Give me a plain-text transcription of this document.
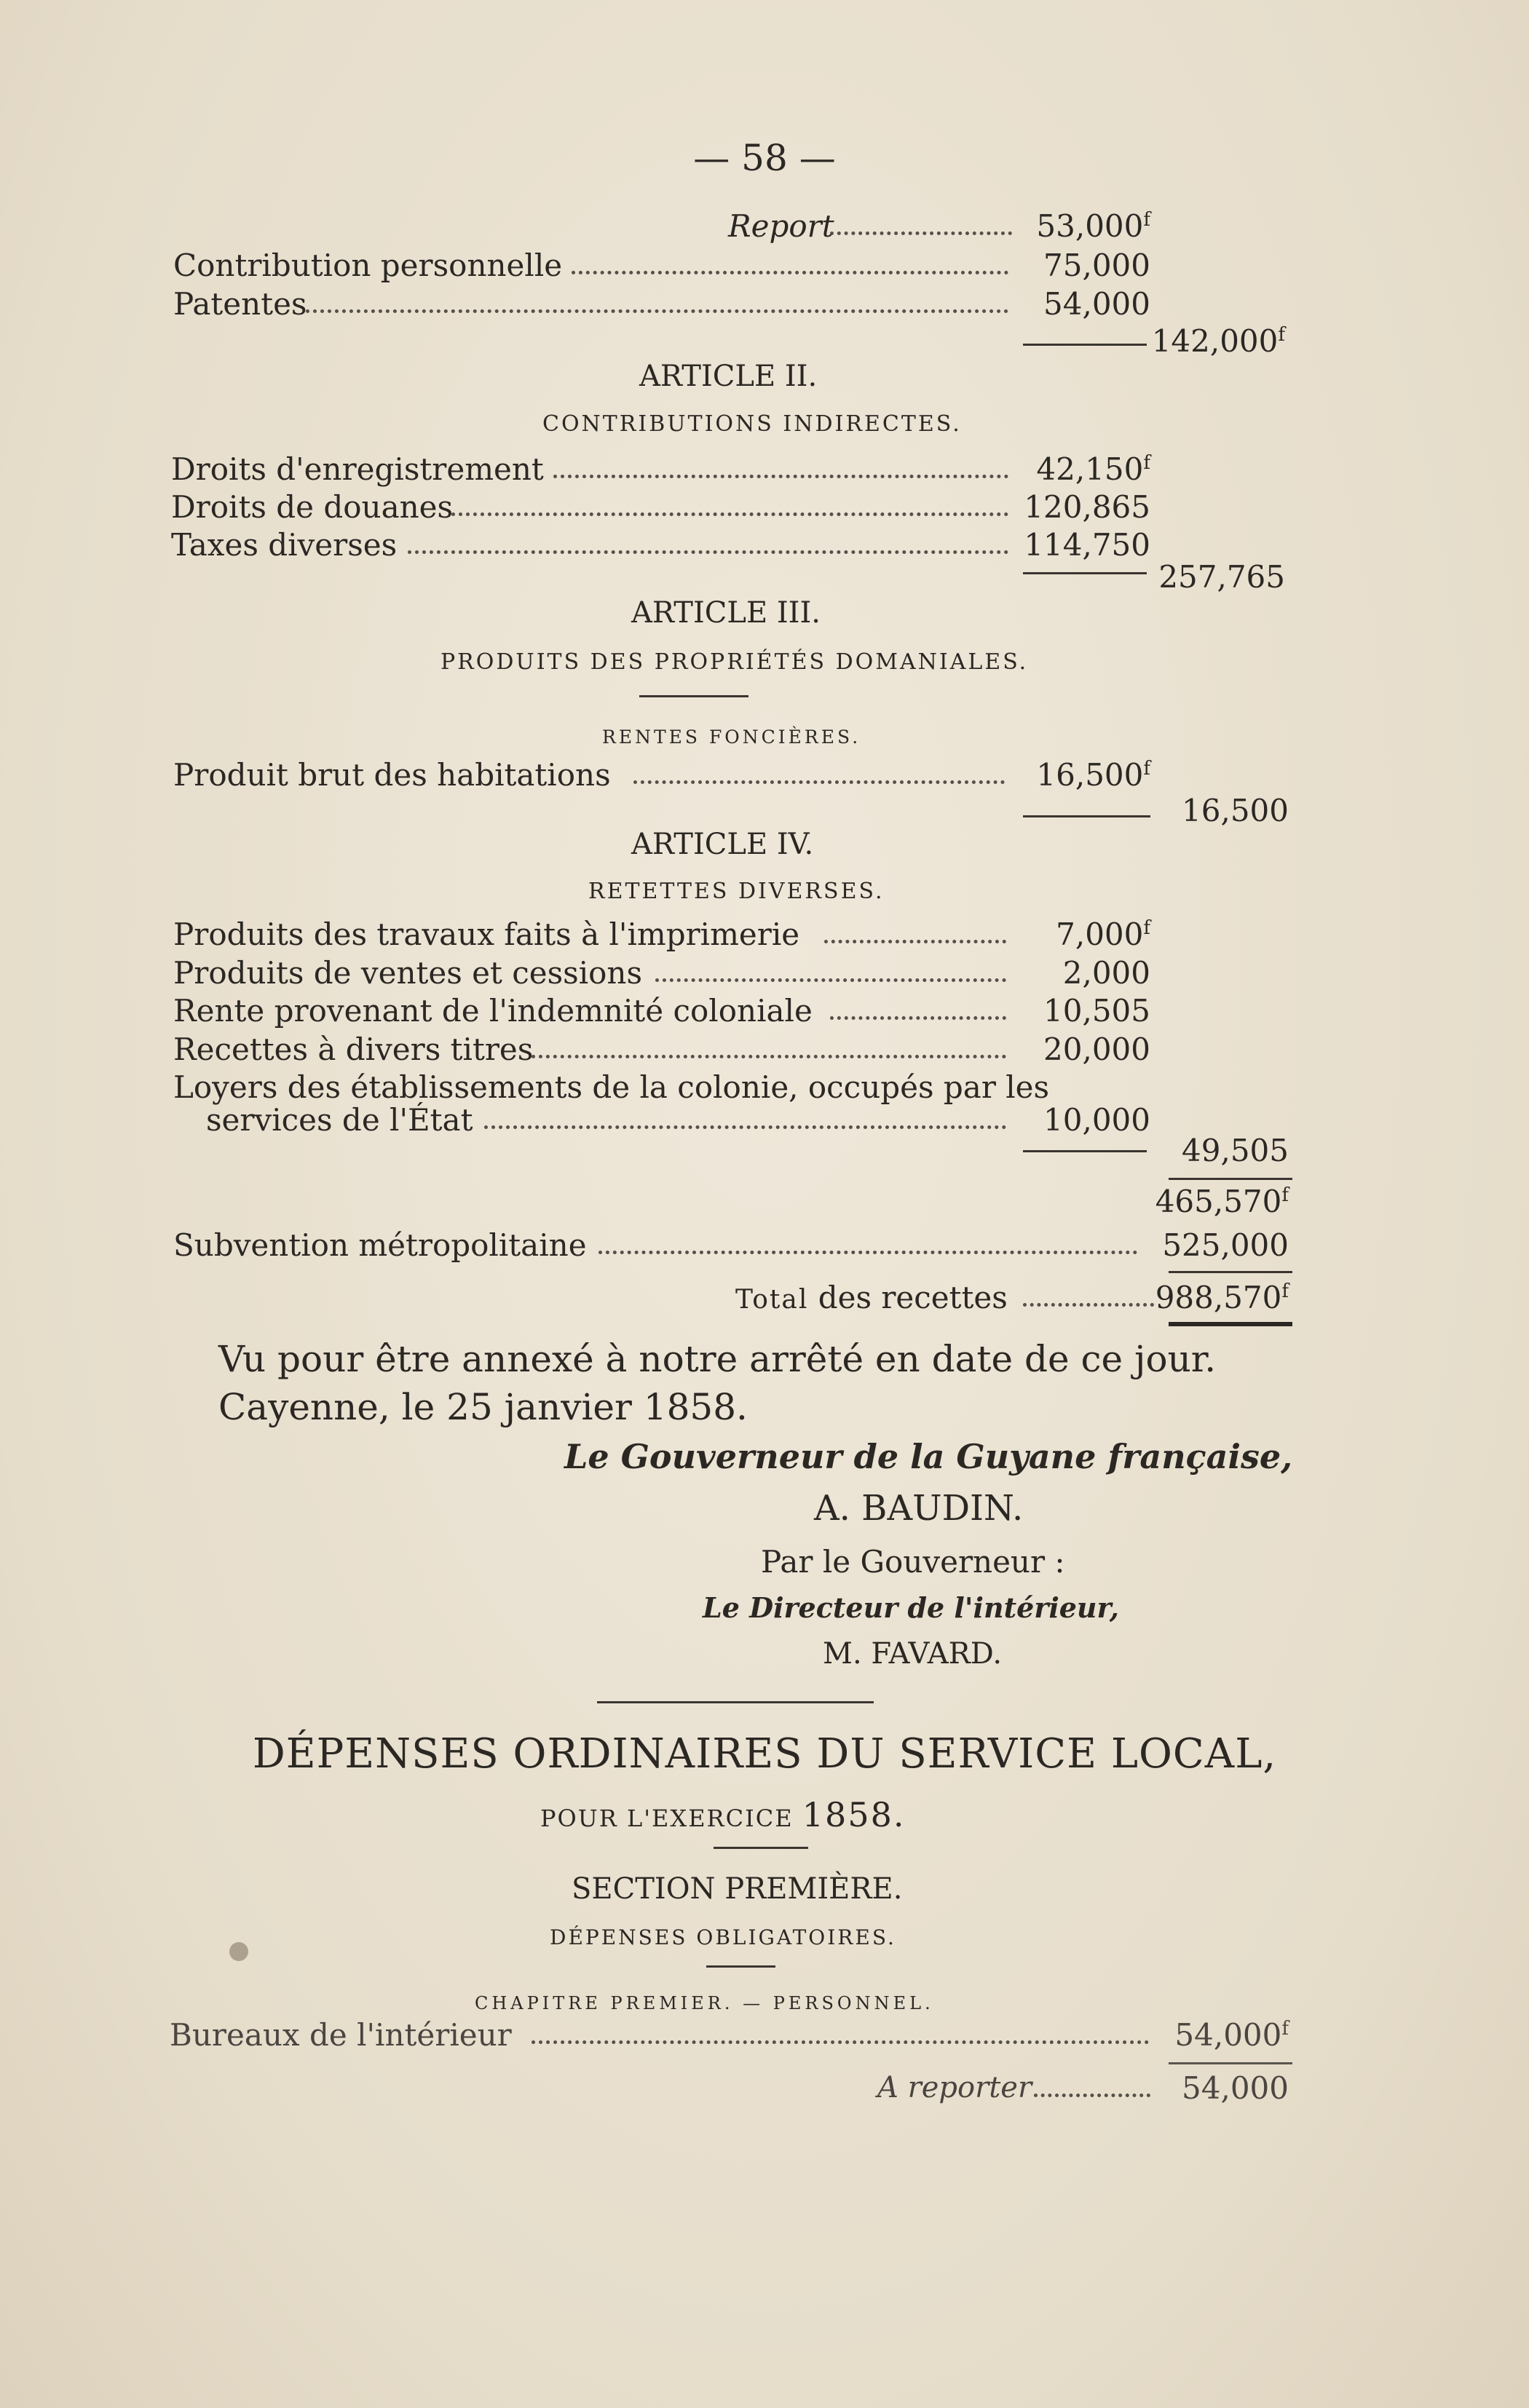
— 58 —
Report	53,000$^f$
Contribution personnelle	75,000
Patentes	54,000
142,000$^f$
ARTICLE II.
CONTRIBUTIONS INDIRECTES.
Droits d'enregistrement	42,150$^f$
Droits de douanes	120,865
Taxes diverses	114,750
257,765
ARTICLE III.
PRODUITS DES PROPRIÉTÉS DOMANIALES.
RENTES FONCIÈRES.
Produit brut des habitations	16,500$^f$
16,500
ARTICLE IV.
RETETTES DIVERSES.
Produits des travaux faits à l'imprimerie	7,000$^f$
Produits de ventes et cessions	2,000
Rente provenant de l'indemnité coloniale	10,505
Recettes à divers titres	20,000
Loyers des établissements de la colonie, occupés par les
services de l'État	10,000
49,505
465,570$^f$
Subvention métropolitaine	525,000
Total des recettes	988,570$^f$
Vu pour être annexé à notre arrêté en date de ce jour.
Cayenne, le 25 janvier 1858.
Le Gouverneur de la Guyane française,
A. BAUDIN.
Par le Gouverneur :
Le Directeur de l'intérieur,
M. FAVARD.
DÉPENSES ORDINAIRES DU SERVICE LOCAL,
POUR L'EXERCICE 1858.
SECTION PREMIÈRE.
DÉPENSES OBLIGATOIRES.
CHAPITRE PREMIER. — PERSONNEL.
Bureaux de l'intérieur	54,000$^f$
A reporter	54,000
